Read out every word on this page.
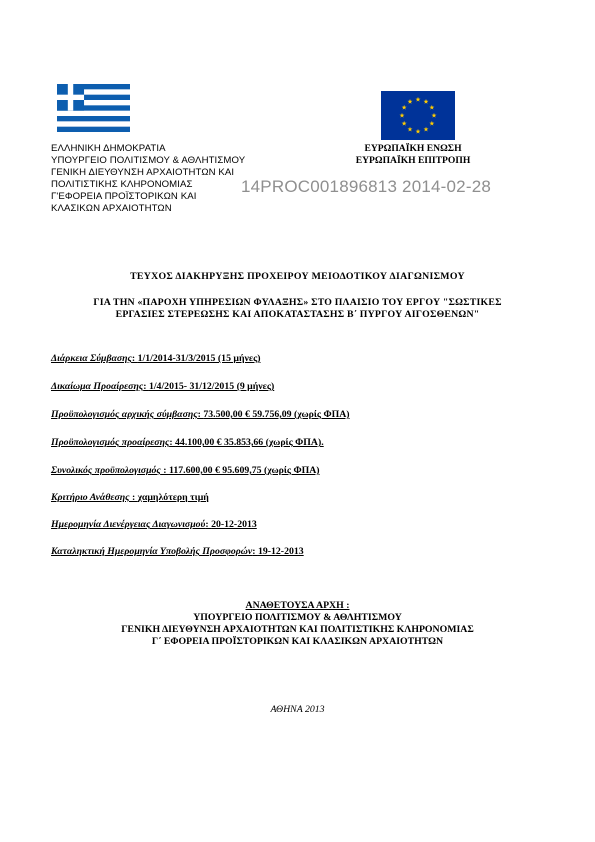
ΕΛΛΗΝΙΚΗ ΔΗΜΟΚΡΑΤΙΑ
ΥΠΟΥΡΓΕΙΟ ΠΟΛΙΤΙΣΜΟΥ & ΑΘΛΗΤΙΣΜΟΥ
ΓΕΝΙΚΗ ΔΙΕΥΘΥΝΣΗ ΑΡΧΑΙΟΤΗΤΩΝ ΚΑΙ
ΠΟΛΙΤΙΣΤΙΚΗΣ ΚΛΗΡΟΝΟΜΙΑΣ
Γ'ΕΦΟΡΕΙΑ ΠΡΟΪΣΤΟΡΙΚΩΝ ΚΑΙ
ΚΛΑΣΙΚΩΝ ΑΡΧΑΙΟΤΗΤΩΝ
ΕΥΡΩΠΑΪΚΗ ΕΝΩΣΗ
ΕΥΡΩΠΑΪΚΗ ΕΠΙΤΡΟΠΗ
14PROC001896813 2014-02-28
ΤΕΥΧΟΣ ΔΙΑΚΗΡΥΞΗΣ ΠΡΟΧΕΙΡΟΥ ΜΕΙΟΔΟΤΙΚΟΥ ΔΙΑΓΩΝΙΣΜΟΥ
ΓΙΑ ΤΗΝ «ΠΑΡΟΧΗ ΥΠΗΡΕΣΙΩΝ ΦΥΛΑΞΗΣ» ΣΤΟ ΠΛΑΙΣΙΟ ΤΟΥ ΕΡΓΟΥ "ΣΩΣΤΙΚΕΣ
ΕΡΓΑΣΙΕΣ ΣΤΕΡΕΩΣΗΣ ΚΑΙ ΑΠΟΚΑΤΑΣΤΑΣΗΣ Β΄ ΠΥΡΓΟΥ ΑΙΓΟΣΘΕΝΩΝ"
Διάρκεια Σύμβασης: 1/1/2014-31/3/2015 (15 μήνες)
Δικαίωμα Προαίρεσης: 1/4/2015- 31/12/2015 (9 μήνες)
Προϋπολογισμός αρχικής σύμβασης: 73.500,00 € 59.756,09 (χωρίς ΦΠΑ)
Προϋπολογισμός προαίρεσης: 44.100,00 € 35.853,66 (χωρίς ΦΠΑ).
Συνολικός προϋπολογισμός : 117.600,00 € 95.609,75 (χωρίς ΦΠΑ)
Κριτήριο Ανάθεσης : χαμηλότερη τιμή
Ημερομηνία Διενέργειας Διαγωνισμού: 20-12-2013
Καταληκτική Ημερομηνία Υποβολής Προσφορών: 19-12-2013
ΑΝΑΘΕΤΟΥΣΑ ΑΡΧΗ :
ΥΠΟΥΡΓΕΙΟ ΠΟΛΙΤΙΣΜΟΥ & ΑΘΛΗΤΙΣΜΟΥ
ΓΕΝΙΚΗ ΔΙΕΥΘΥΝΣΗ ΑΡΧΑΙΟΤΗΤΩΝ ΚΑΙ ΠΟΛΙΤΙΣΤΙΚΗΣ ΚΛΗΡΟΝΟΜΙΑΣ
Γ΄ ΕΦΟΡΕΙΑ ΠΡΟΪΣΤΟΡΙΚΩΝ ΚΑΙ ΚΛΑΣΙΚΩΝ ΑΡΧΑΙΟΤΗΤΩΝ
ΑΘΗΝΑ 2013
